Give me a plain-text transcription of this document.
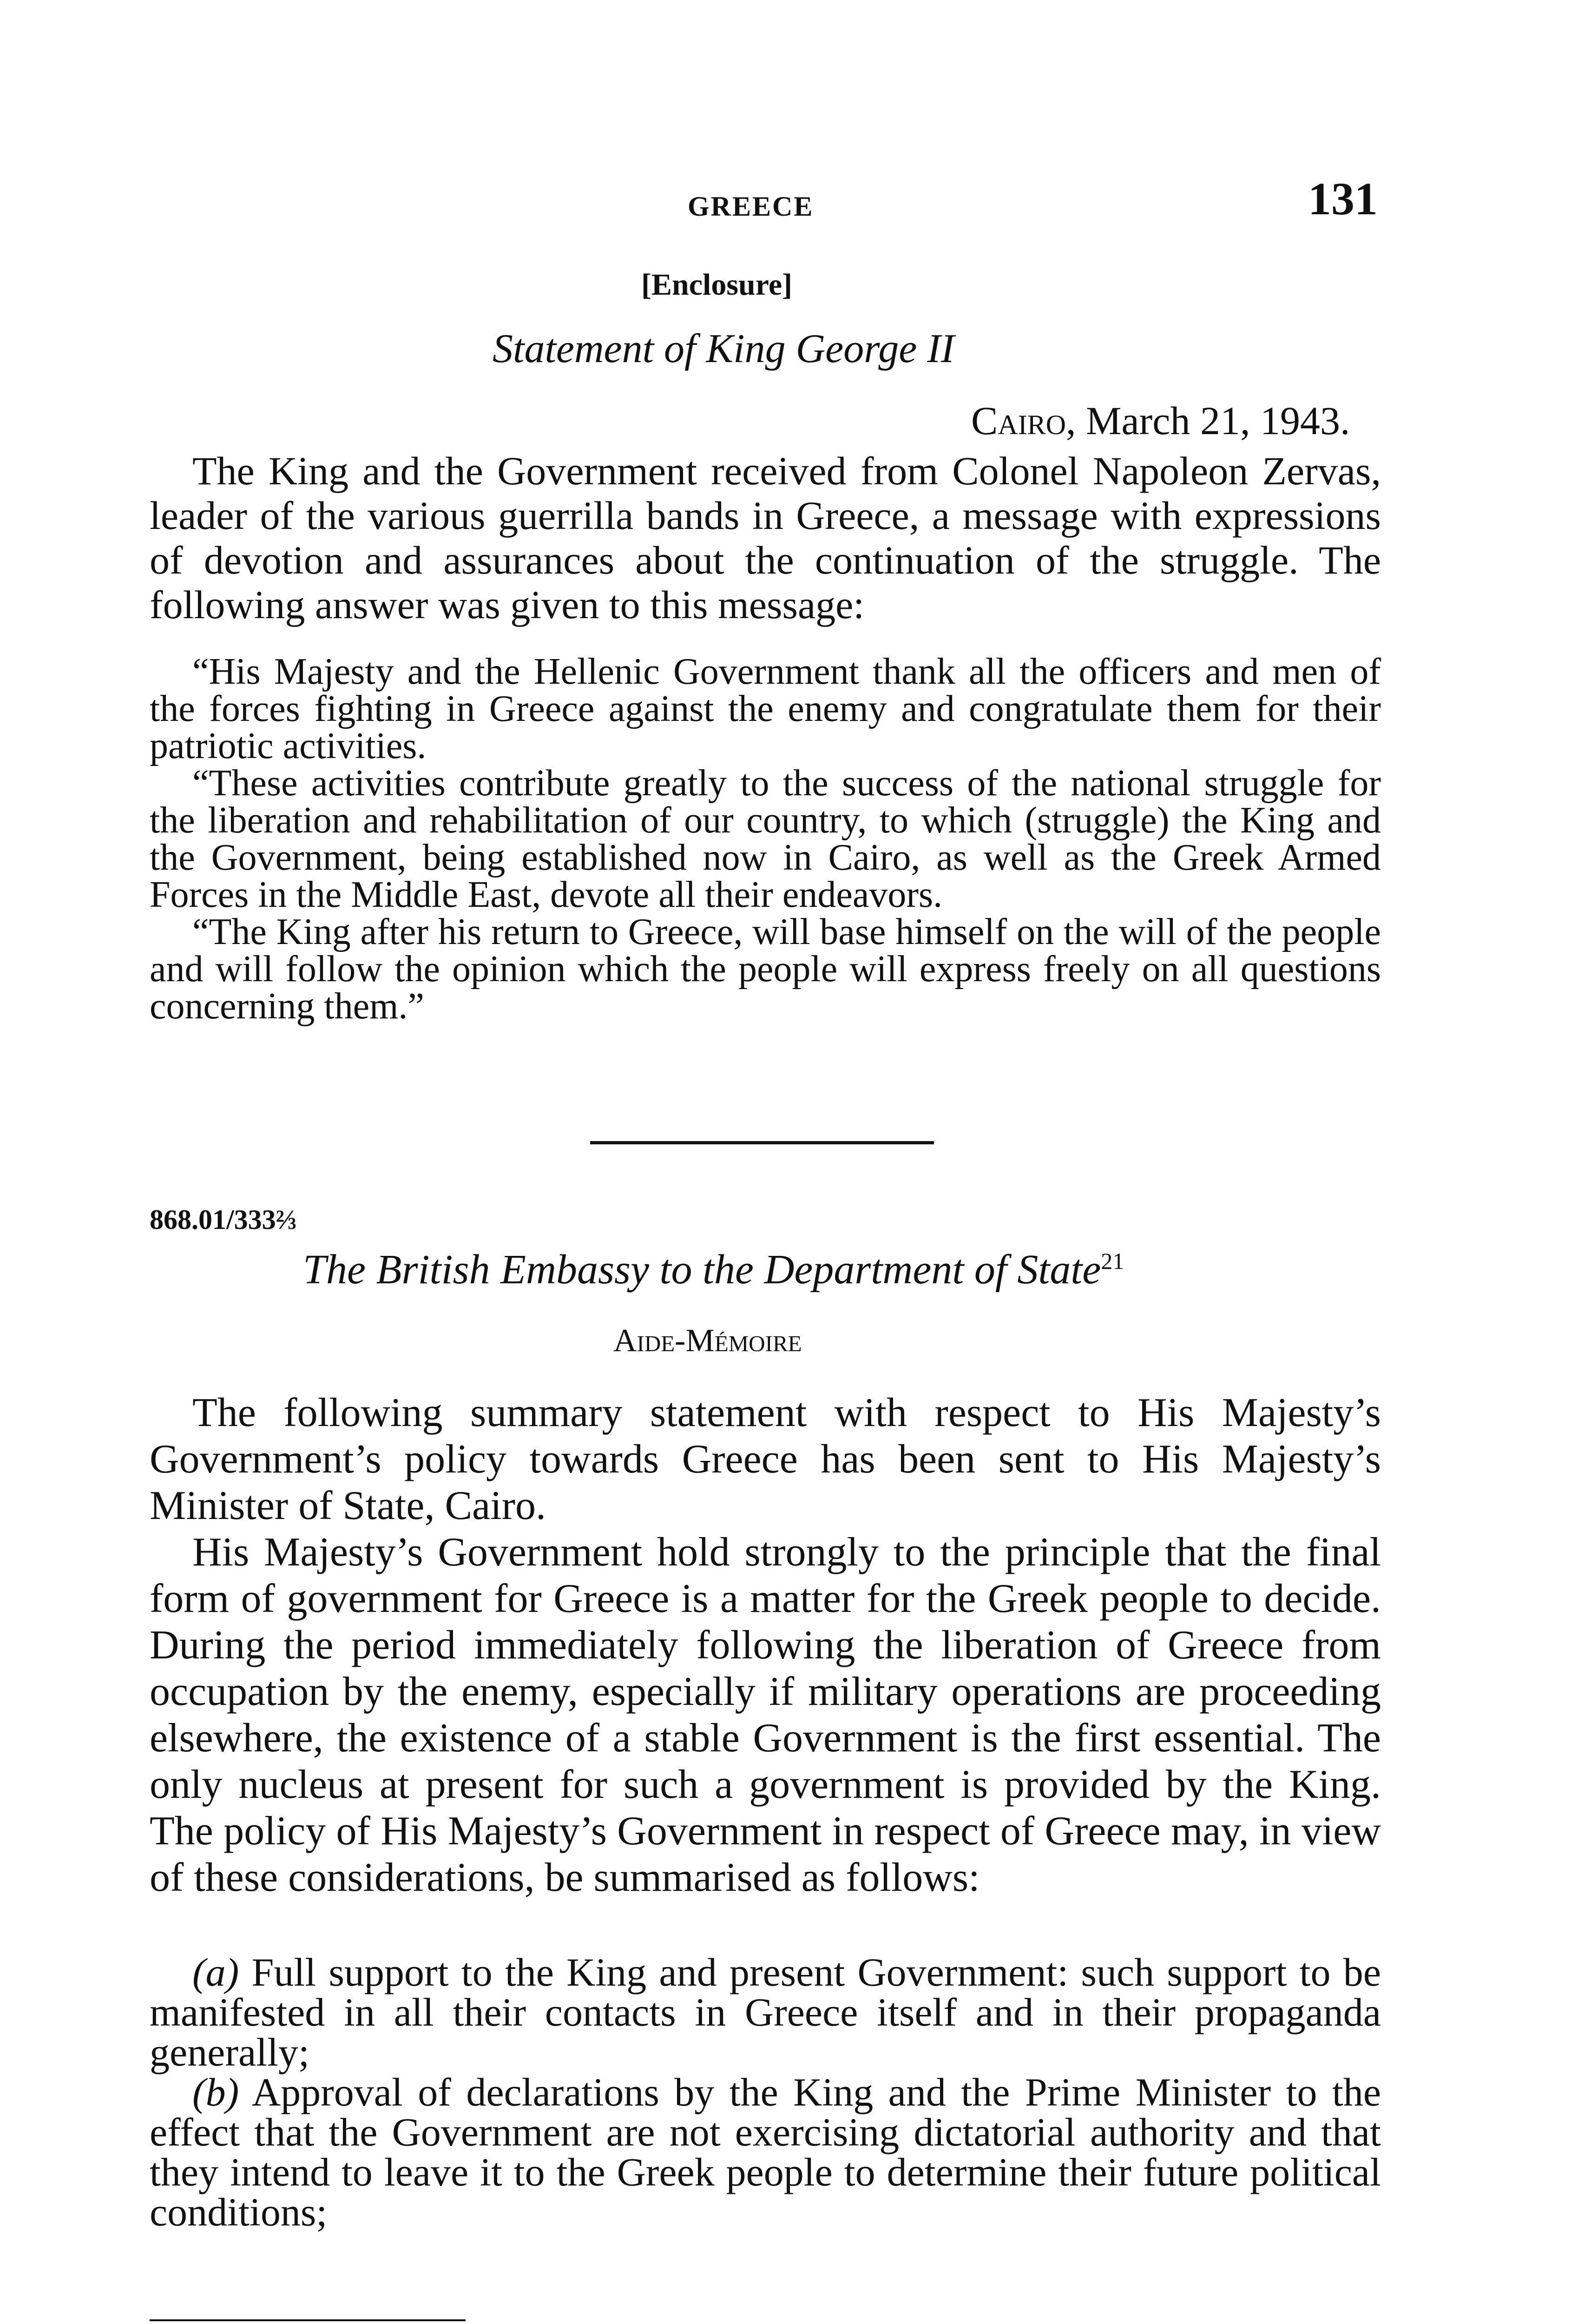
GREECE	131
[Enclosure]
Statement of King George II
Cairo, March 21, 1943.
The King and the Government received from Colonel Napoleon Zervas, leader of the various guerrilla bands in Greece, a message with expressions of devotion and assurances about the continuation of the struggle. The following answer was given to this message:

“His Majesty and the Hellenic Government thank all the officers and men of the forces fighting in Greece against the enemy and congratulate them for their patriotic activities.

“These activities contribute greatly to the success of the national struggle for the liberation and rehabilitation of our country, to which (struggle) the King and the Government, being established now in Cairo, as well as the Greek Armed Forces in the Middle East, devote all their endeavors.

“The King after his return to Greece, will base himself on the will of the people and will follow the opinion which the people will express freely on all questions concerning them.”

868.01/333⅔
The British Embassy to the Department of State$^{21}$
Aide-Mémoire

The following summary statement with respect to His Majesty’s Government’s policy towards Greece has been sent to His Majesty’s Minister of State, Cairo.

His Majesty’s Government hold strongly to the principle that the final form of government for Greece is a matter for the Greek people to decide. During the period immediately following the liberation of Greece from occupation by the enemy, especially if military operations are proceeding elsewhere, the existence of a stable Government is the first essential. The only nucleus at present for such a government is provided by the King. The policy of His Majesty’s Government in respect of Greece may, in view of these considerations, be summarised as follows:

(a) Full support to the King and present Government: such support to be manifested in all their contacts in Greece itself and in their propaganda generally;

(b) Approval of declarations by the King and the Prime Minister to the effect that the Government are not exercising dictatorial authority and that they intend to leave it to the Greek people to determine their future political conditions;
